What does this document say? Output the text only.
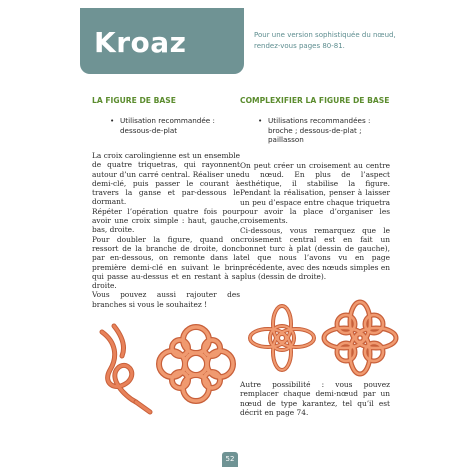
Kroaz	Pour une version sophistiquée du nœud, rendez-vous pages 80-81.

LA FIGURE DE BASE

• Utilisation recommandée : dessous-de-plat

La croix carolingienne est un ensemble de quatre triquetras, qui rayonnent autour d’un carré central. Réaliser une demi-clé, puis passer le courant à travers la ganse et par-dessous le dormant.

Répéter l’opération quatre fois pour avoir une croix simple : haut, gauche, bas, droite.

Pour doubler la figure, quand on ressort de la branche de droite, donc par en-dessous, on remonte dans la première demi-clé en suivant le brin qui passe au-dessus et en restant à sa droite.

Vous pouvez aussi rajouter des branches si vous le souhaitez !

COMPLEXIFIER LA FIGURE DE BASE

• Utilisations recommandées : broche ; dessous-de-plat ; paillasson

On peut créer un croisement au centre du nœud. En plus de l’aspect esthétique, il stabilise la figure. Pendant la réalisation, penser à laisser un peu d’espace entre chaque triquetra pour avoir la place d’organiser les croisements.

Ci-dessous, vous remarquez que le croisement central est en fait un bonnet turc à plat (dessin de gauche), tel que nous l’avons vu en page précédente, avec des nœuds simples en plus (dessin de droite).

Autre possibilité : vous pouvez remplacer chaque demi-nœud par un nœud de type karantez, tel qu’il est décrit en page 74.

52
